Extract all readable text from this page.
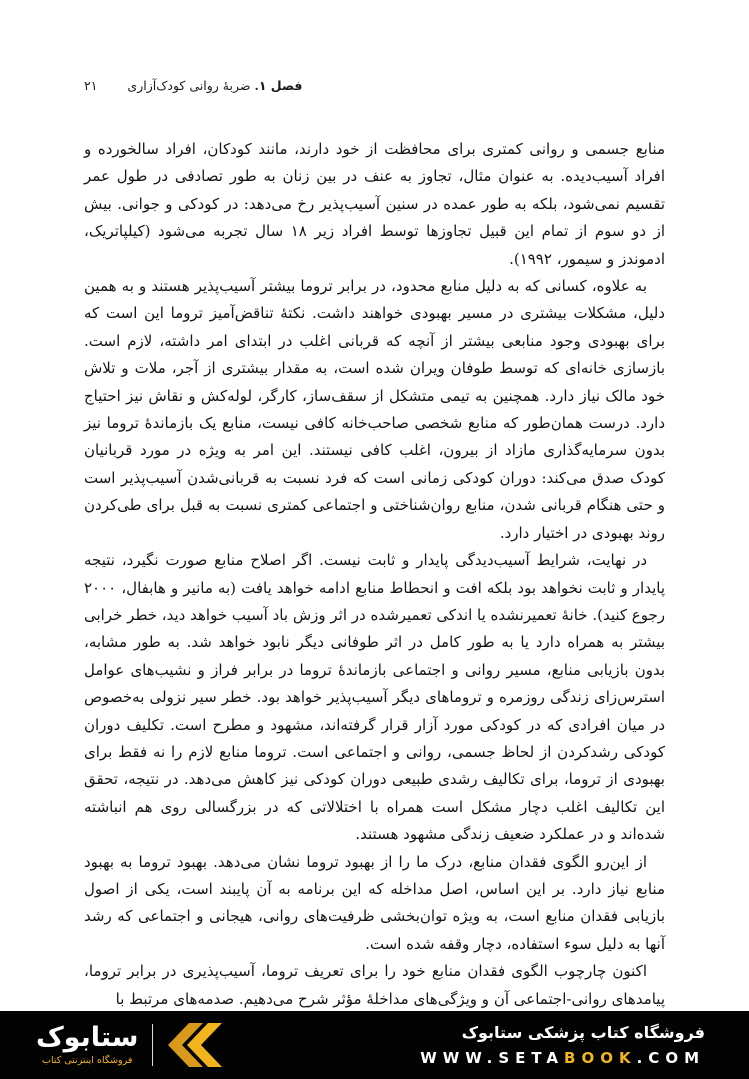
فصل ۱. ضربهٔ روانی کودک‌آزاری ۲۱

منابع جسمی و روانی کمتری برای محافظت از خود دارند، مانند کودکان، افراد سالخورده و افراد آسیب‌دیده. به عنوان مثال، تجاوز به عنف در بین زنان به طور تصادفی در طول عمر تقسیم نمی‌شود، بلکه به طور عمده در سنین آسیب‌پذیر رخ می‌دهد: در کودکی و جوانی. بیش از دو سوم از تمام این قبیل تجاوزها توسط افراد زیر ۱۸ سال تجربه می‌شود (کیلپاتریک، ادموندز و سیمور، ۱۹۹۲).

به علاوه، کسانی که به دلیل منابع محدود، در برابر تروما بیشتر آسیب‌پذیر هستند و به همین دلیل، مشکلات بیشتری در مسیر بهبودی خواهند داشت. نکتهٔ تناقض‌آمیز تروما این است که برای بهبودی وجود منابعی بیشتر از آنچه که قربانی اغلب در ابتدای امر داشته، لازم است. بازسازی خانه‌ای که توسط طوفان ویران شده است، به مقدار بیشتری از آجر، ملات و تلاش خود مالک نیاز دارد. همچنین به تیمی متشکل از سقف‌ساز، کارگر، لوله‌کش و نقاش نیز احتیاج دارد. درست همان‌طور که منابع شخصی صاحب‌خانه کافی نیست، منابع یک بازماندهٔ تروما نیز بدون سرمایه‌گذاری مازاد از بیرون، اغلب کافی نیستند. این امر به ویژه در مورد قربانیان کودک صدق می‌کند: دوران کودکی زمانی است که فرد نسبت به قربانی‌شدن آسیب‌پذیر است و حتی هنگام قربانی شدن، منابع روان‌شناختی و اجتماعی کمتری نسبت به قبل برای طی‌کردن روند بهبودی در اختیار دارد.

در نهایت، شرایط آسیب‌دیدگی پایدار و ثابت نیست. اگر اصلاح منابع صورت نگیرد، نتیجه پایدار و ثابت نخواهد بود بلکه افت و انحطاط منابع ادامه خواهد یافت (به مانیر و هابفال، ۲۰۰۰ رجوع کنید). خانهٔ تعمیرنشده یا اندکی تعمیرشده در اثر وزش باد آسیب خواهد دید، خطر خرابی بیشتر به همراه دارد یا به طور کامل در اثر طوفانی دیگر نابود خواهد شد. به طور مشابه، بدون بازیابی منابع، مسیر روانی و اجتماعی بازماندهٔ تروما در برابر فراز و نشیب‌های عوامل استرس‌زای زندگی روزمره و تروماهای دیگر آسیب‌پذیر خواهد بود. خطر سیر نزولی به‌خصوص در میان افرادی که در کودکی مورد آزار قرار گرفته‌اند، مشهود و مطرح است. تکلیف دوران کودکی رشدکردن از لحاظ جسمی، روانی و اجتماعی است. تروما منابع لازم را نه فقط برای بهبودی از تروما، برای تکالیف رشدی طبیعی دوران کودکی نیز کاهش می‌دهد. در نتیجه، تحقق این تکالیف اغلب دچار مشکل است همراه با اختلالاتی که در بزرگسالی روی هم انباشته شده‌اند و در عملکرد ضعیف زندگی مشهود هستند.

از این‌رو الگوی فقدان منابع، درک ما را از بهبود تروما نشان می‌دهد. بهبود تروما به بهبود منابع نیاز دارد. بر این اساس، اصل مداخله که این برنامه به آن پایبند است، یکی از اصول بازیابی فقدان منابع است، به ویژه توان‌بخشی ظرفیت‌های روانی، هیجانی و اجتماعی که رشد آنها به دلیل سوء استفاده، دچار وقفه شده است.

اکنون چارچوب الگوی فقدان منابع خود را برای تعریف تروما، آسیب‌پذیری در برابر تروما، پیامدهای روانی-اجتماعی آن و ویژگی‌های مداخلهٔ مؤثر شرح می‌دهیم. صدمه‌های مرتبط با

ستابوک
فروشگاه اینترنتی کتاب
فروشگاه کتاب پزشکی ستابوک
WWW.SETABOOK.COM
